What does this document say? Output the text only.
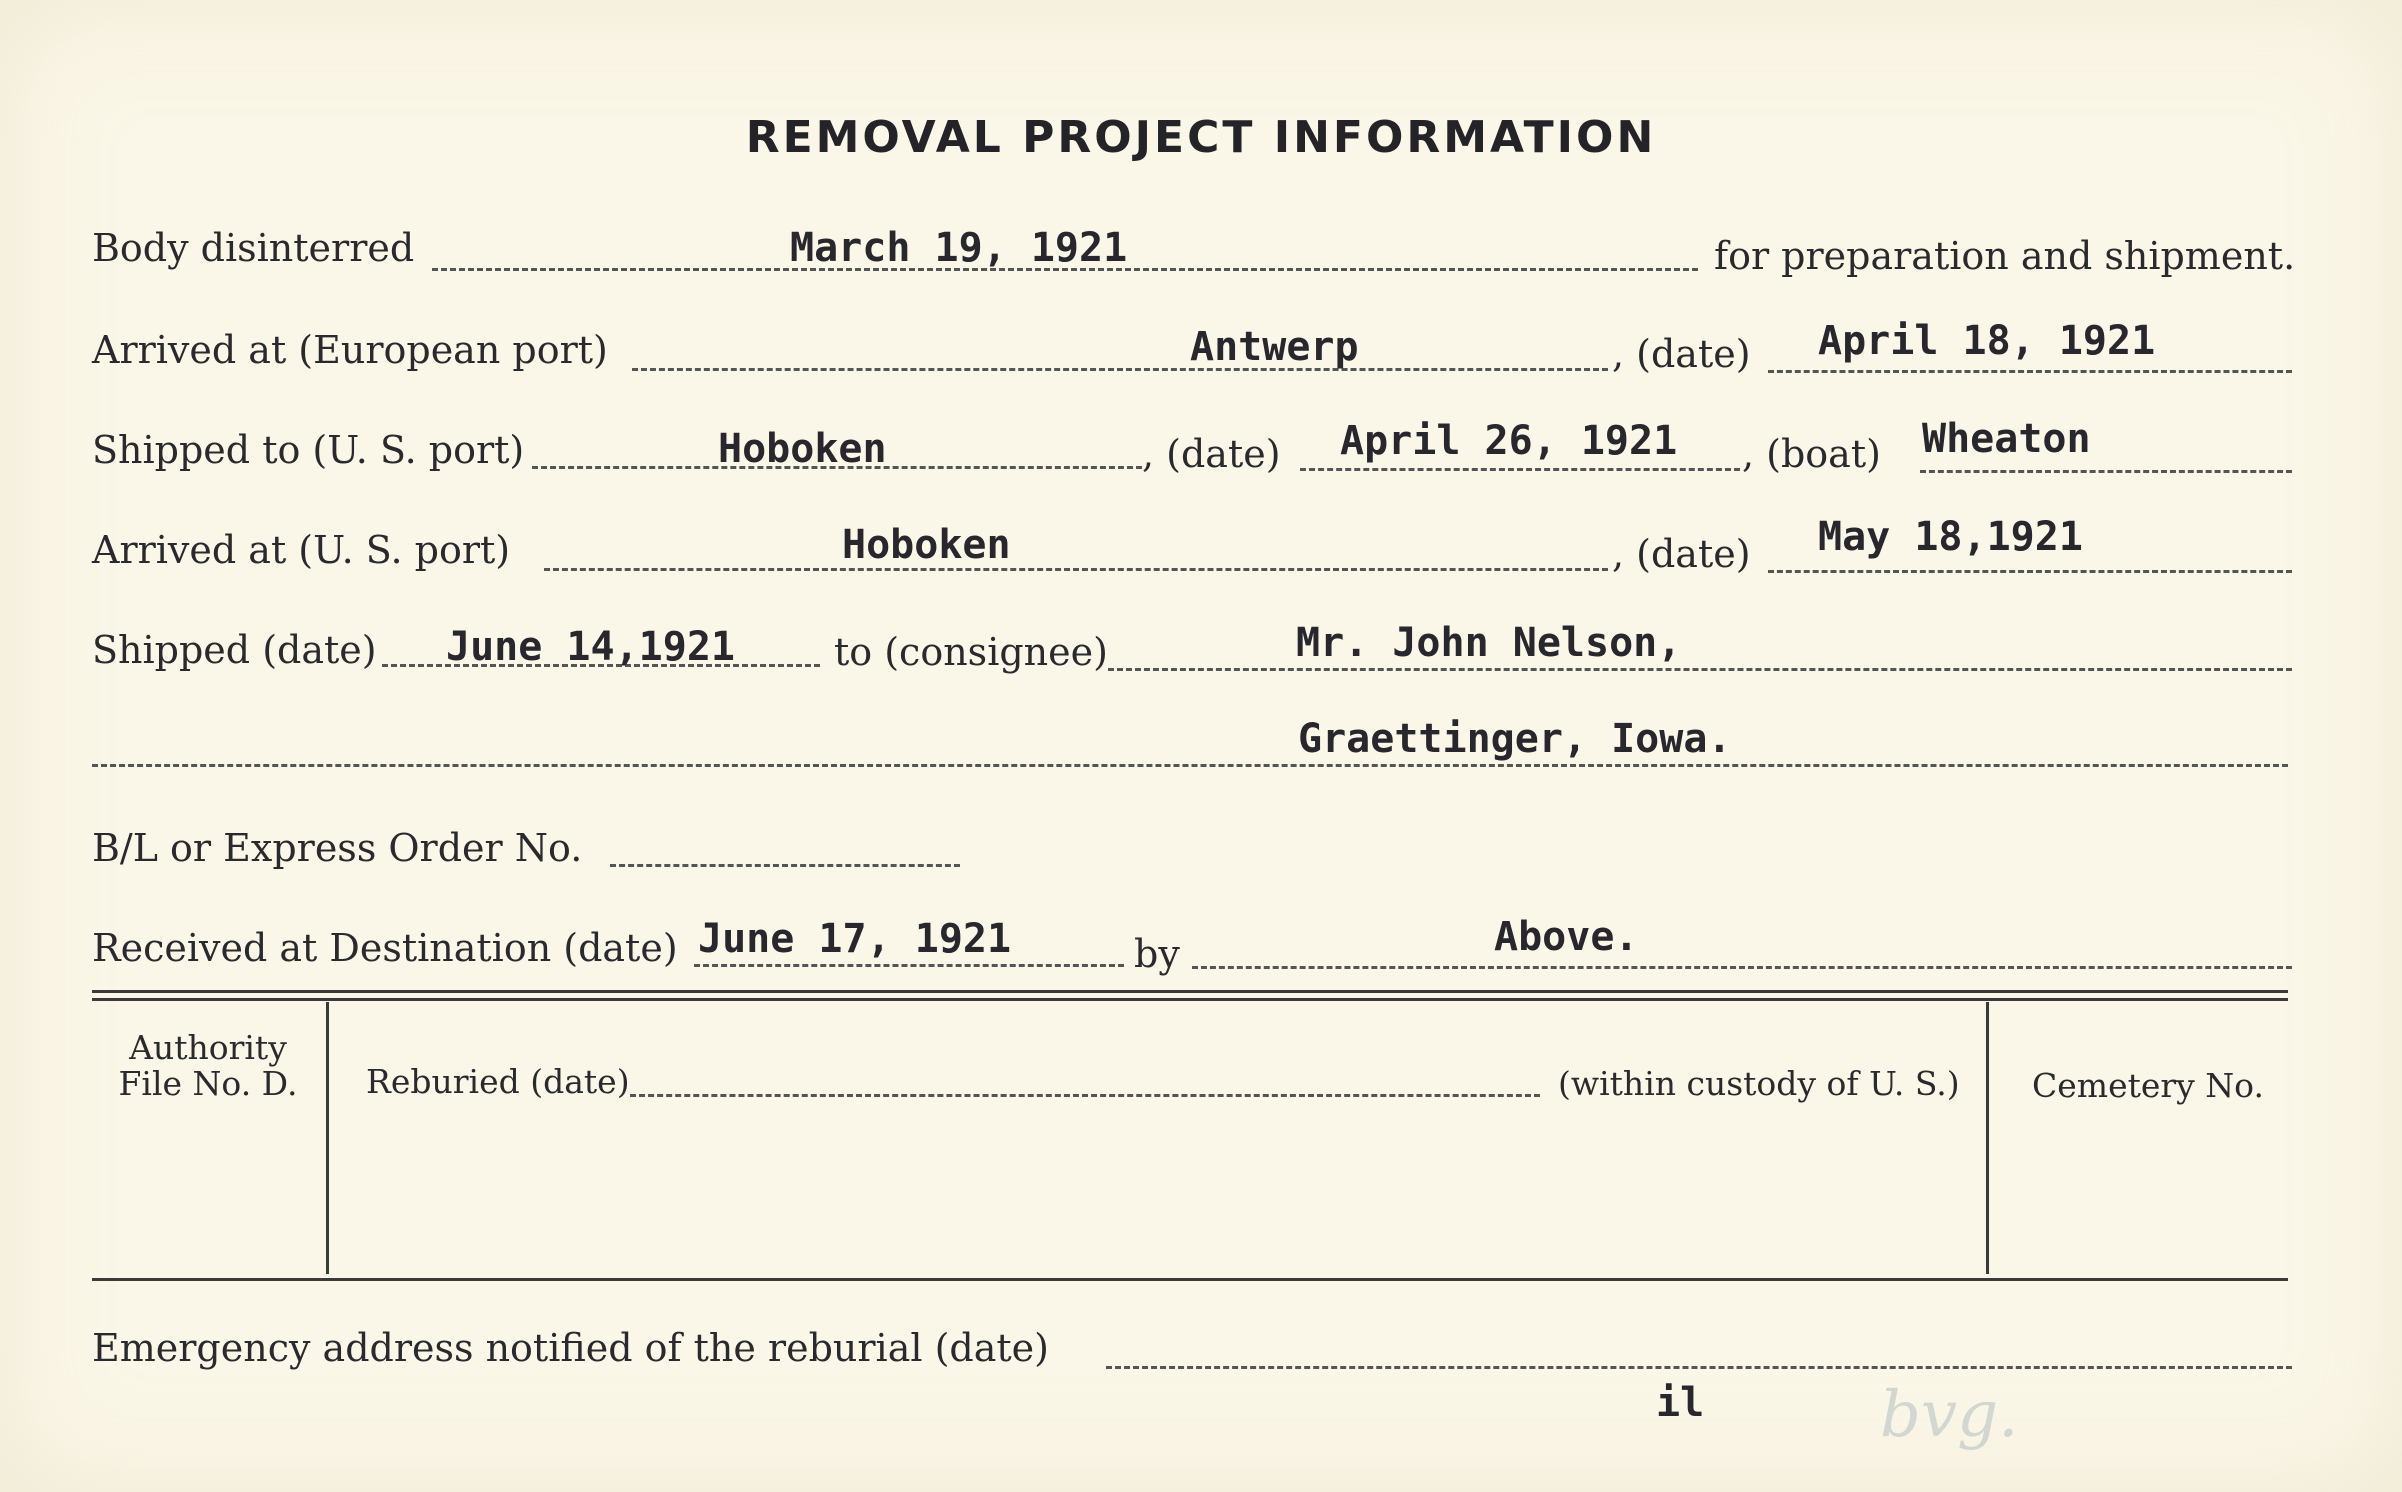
REMOVAL PROJECT INFORMATION
Body disinterred	March 19, 1921	for preparation and shipment.
Arrived at (European port)	Antwerp	, (date) April 18, 1921
Shipped to (U. S. port)	Hoboken	, (date) April 26, 1921 , (boat) Wheaton
Arrived at (U. S. port)	Hoboken	, (date) May 18,1921
Shipped (date) June 14,1921	to (consignee)	Mr. John Nelson,
Graettinger, Iowa.
B/L or Express Order No.
Received at Destination (date) June 17, 1921	by	Above.
Authority
File No. D.	Reburied (date)	(within custody of U. S.) Cemetery No.
Emergency address notified of the reburial (date)
il	bvg.
